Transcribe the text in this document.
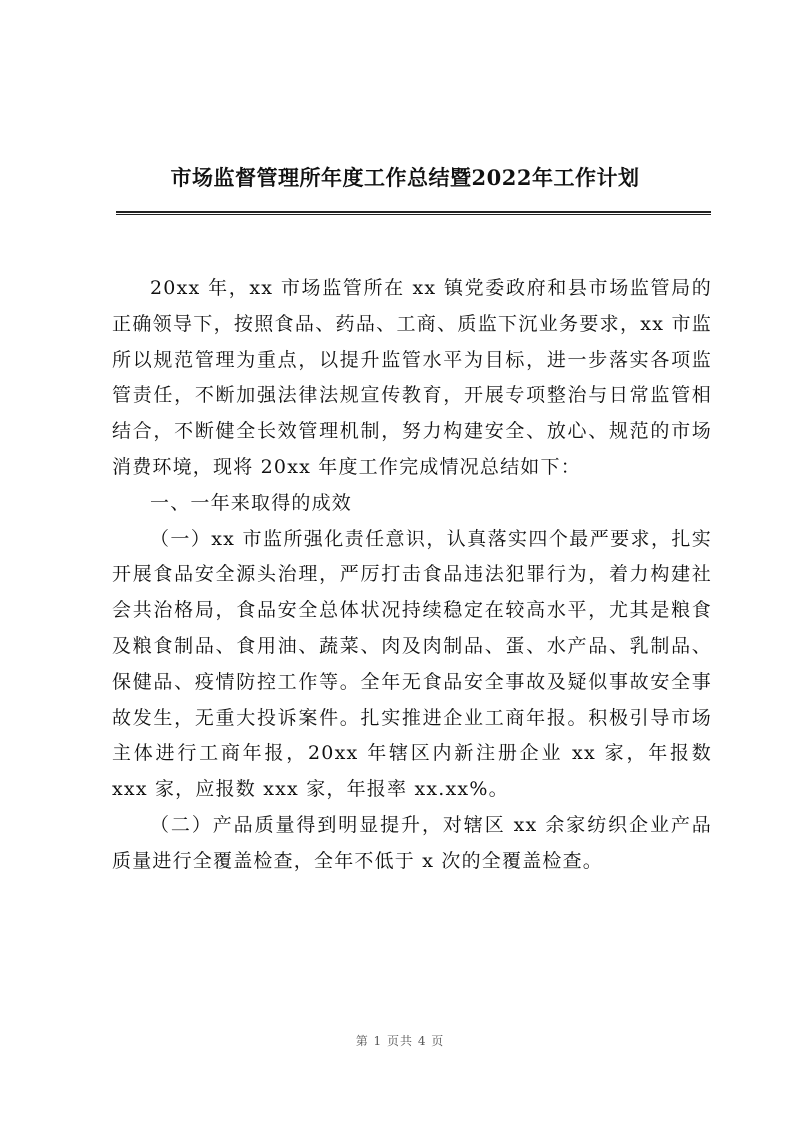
市场监督管理所年度工作总结暨2022年工作计划

20xx 年，xx 市场监管所在 xx 镇党委政府和县市场监管局的正确领导下，按照食品、药品、工商、质监下沉业务要求，xx 市监所以规范管理为重点，以提升监管水平为目标，进一步落实各项监管责任，不断加强法律法规宣传教育，开展专项整治与日常监管相结合，不断健全长效管理机制，努力构建安全、放心、规范的市场消费环境，现将 20xx 年度工作完成情况总结如下：

一、一年来取得的成效

（一）xx 市监所强化责任意识，认真落实四个最严要求，扎实开展食品安全源头治理，严厉打击食品违法犯罪行为，着力构建社会共治格局，食品安全总体状况持续稳定在较高水平，尤其是粮食及粮食制品、食用油、蔬菜、肉及肉制品、蛋、水产品、乳制品、保健品、疫情防控工作等。全年无食品安全事故及疑似事故安全事故发生，无重大投诉案件。扎实推进企业工商年报。积极引导市场主体进行工商年报，20xx 年辖区内新注册企业 xx 家，年报数 xxx 家，应报数 xxx 家，年报率 xx.xx%。

（二）产品质量得到明显提升，对辖区 xx 余家纺织企业产品质量进行全覆盖检查，全年不低于 x 次的全覆盖检查。

第 1 页共 4 页
